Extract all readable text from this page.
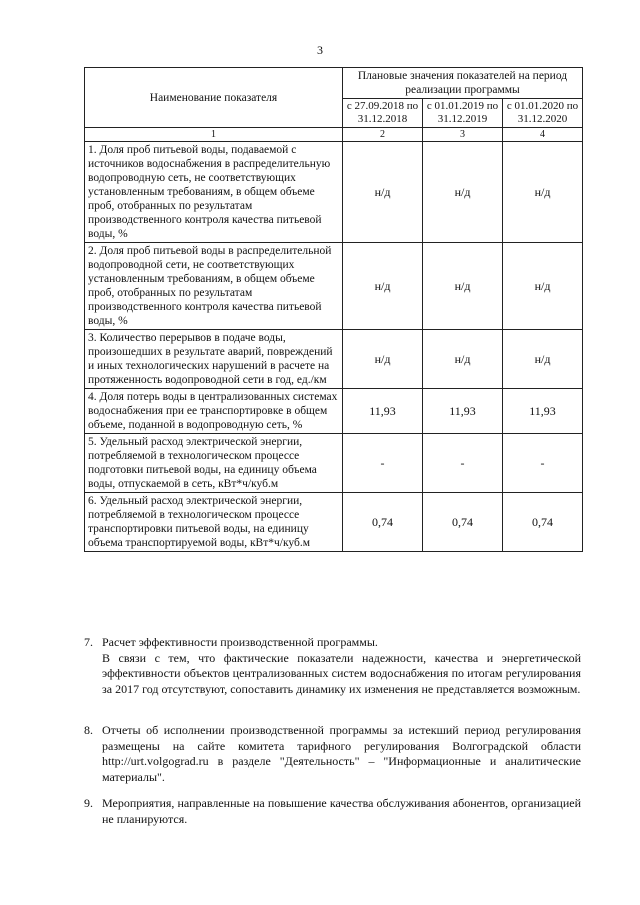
3
Наименование показателя	Плановые значения показателей на период реализации программы		
	с 27.09.2018 по 31.12.2018	с 01.01.2019 по 31.12.2019	с 01.01.2020 по 31.12.2020
1	2	3	4
1. Доля проб питьевой воды, подаваемой с источников водоснабжения в распределительную водопроводную сеть, не соответствующих установленным требованиям, в общем объеме проб, отобранных по результатам производственного контроля качества питьевой воды, %	н/д	н/д	н/д
2. Доля проб питьевой воды в распределительной водопроводной сети, не соответствующих установленным требованиям, в общем объеме проб, отобранных по результатам производственного контроля качества питьевой воды, %	н/д	н/д	н/д
3. Количество перерывов в подаче воды, произошедших в результате аварий, повреждений и иных технологических нарушений в расчете на протяженность водопроводной сети в год, ед./км	н/д	н/д	н/д
4. Доля потерь воды в централизованных системах водоснабжения при ее транспортировке в общем объеме, поданной в водопроводную сеть, %	11,93	11,93	11,93
5. Удельный расход электрической энергии, потребляемой в технологическом процессе подготовки питьевой воды, на единицу объема воды, отпускаемой в сеть, кВт*ч/куб.м	-	-	-
6. Удельный расход электрической энергии, потребляемой в технологическом процессе транспортировки питьевой воды, на единицу объема транспортируемой воды, кВт*ч/куб.м	0,74	0,74	0,74
7. Расчет эффективности производственной программы.

В связи с тем, что фактические показатели надежности, качества и энергетической эффективности объектов централизованных систем водоснабжения по итогам регулирования за 2017 год отсутствуют, сопоставить динамику их изменения не представляется возможным.

8. Отчеты об исполнении производственной программы за истекший период регулирования размещены на сайте комитета тарифного регулирования Волгоградской области http://urt.volgograd.ru в разделе "Деятельность" – "Информационные и аналитические материалы".

9. Мероприятия, направленные на повышение качества обслуживания абонентов, организацией не планируются.
